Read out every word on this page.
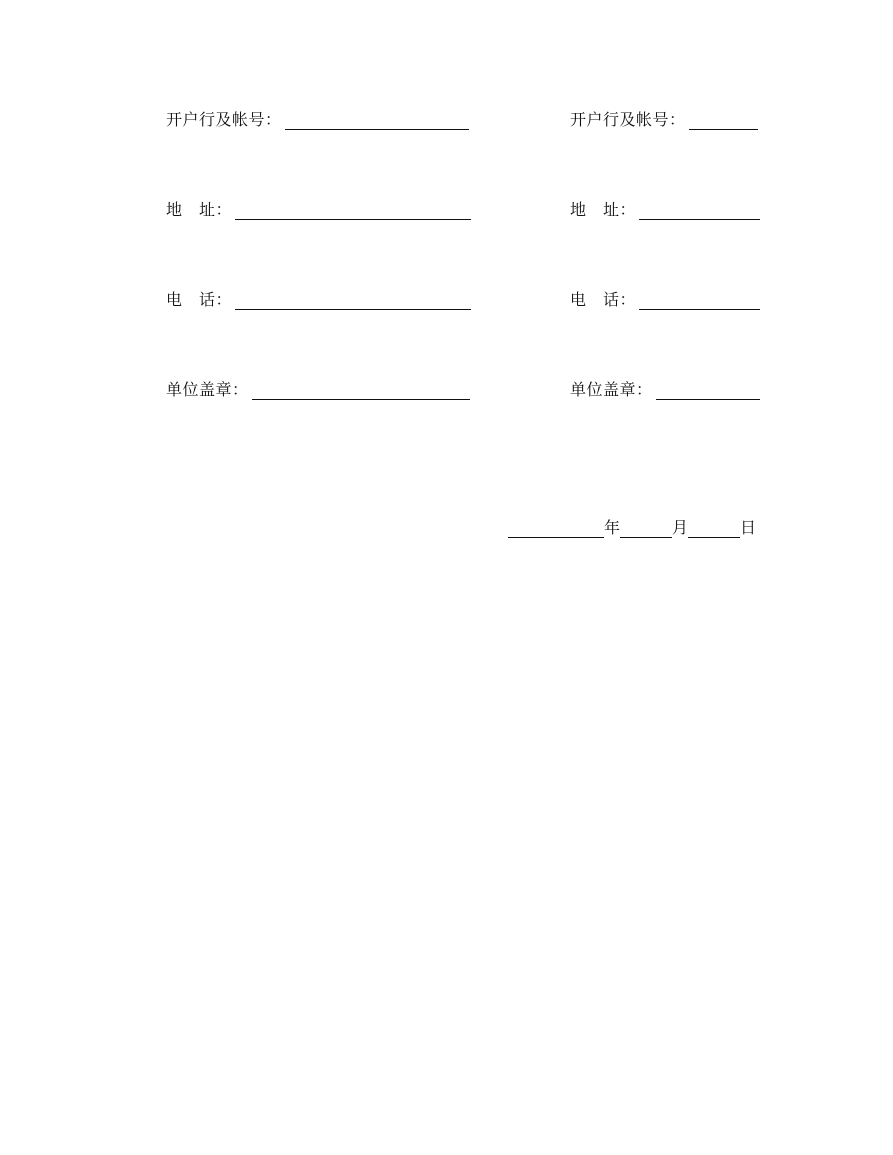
开户行及帐号：
地　址：
电　话：
单位盖章：
开户行及帐号：
地　址：
电　话：
单位盖章：
年	月	日
